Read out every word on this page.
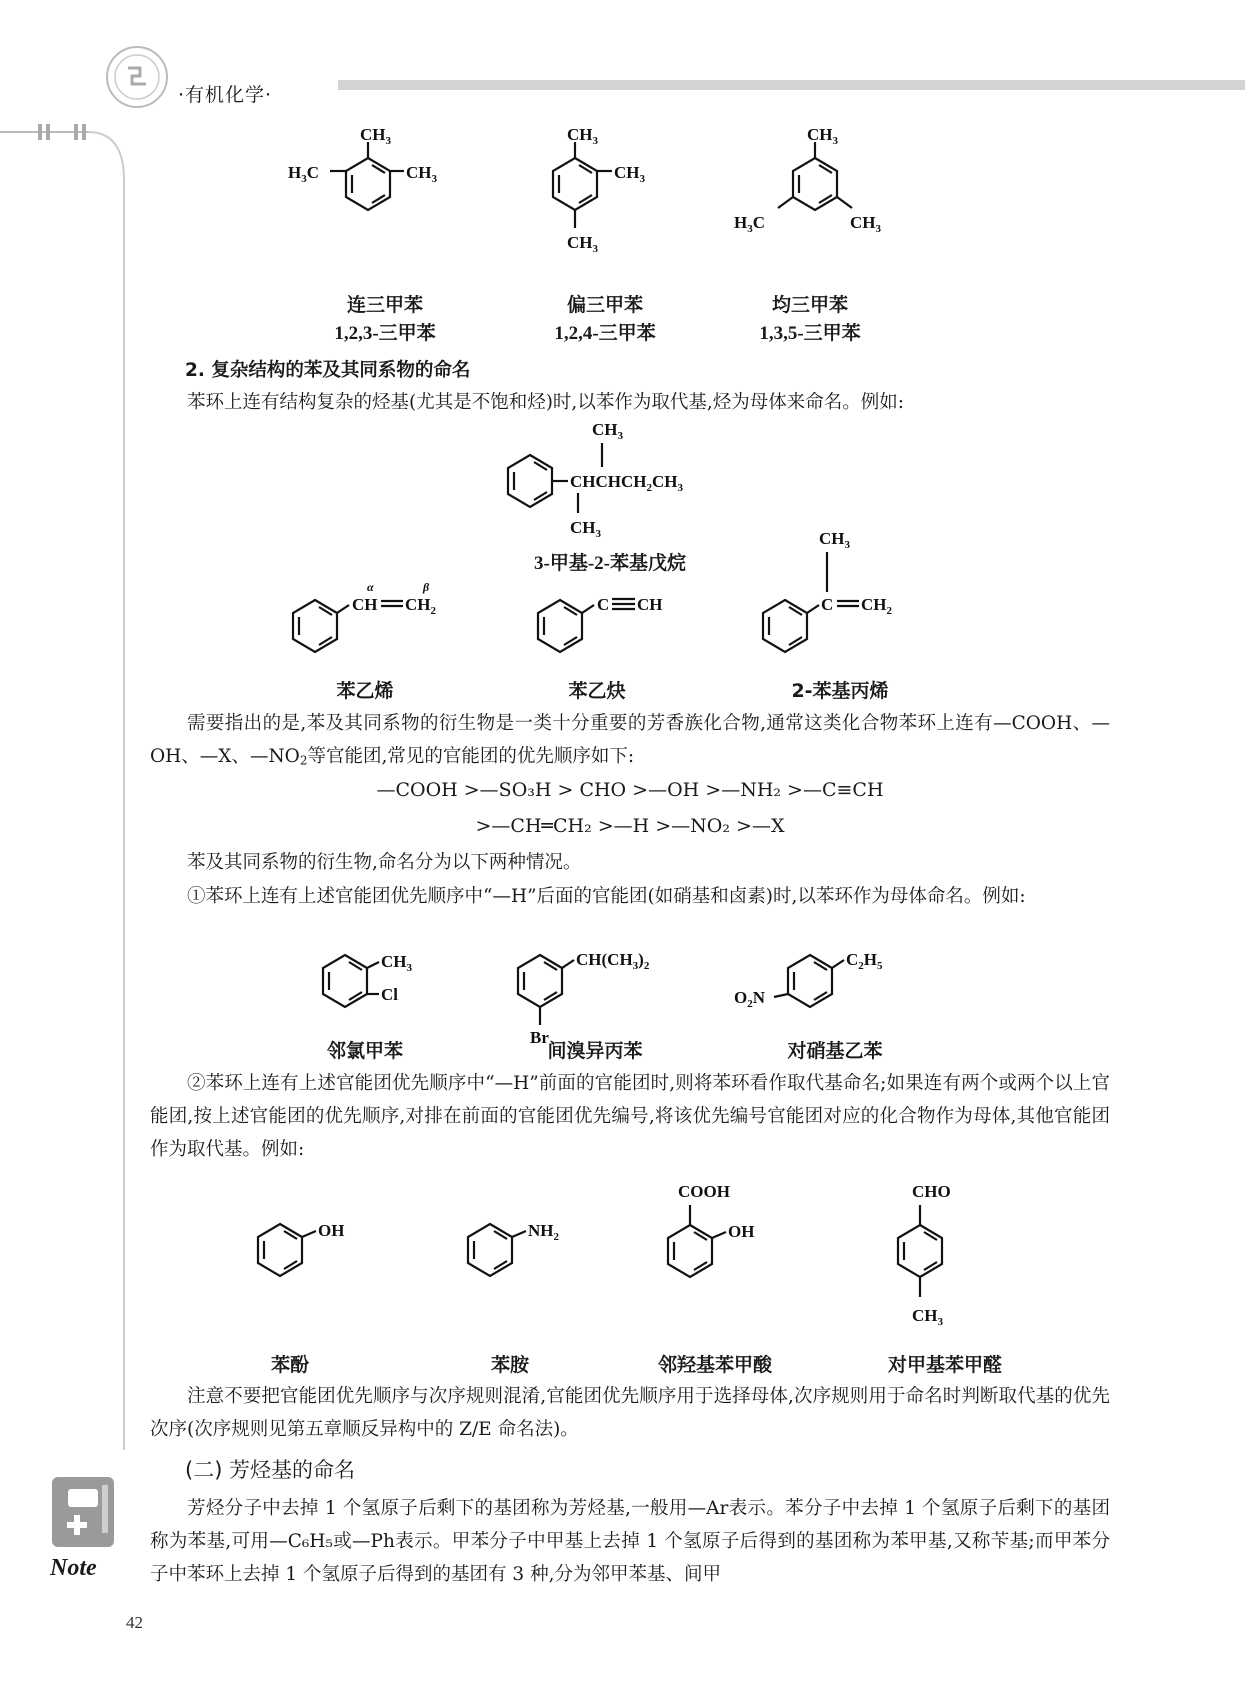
·有机化学·
$CH_3$
$CH_3$
$H_3C$
$CH_3$
$CH_3$
$CH_3$
$CH_3$
$CH_3$
$H_3C$
连三甲苯
1,2,3-三甲苯
偏三甲苯
1,2,4-三甲苯
均三甲苯
1,3,5-三甲苯
2. 复杂结构的苯及其同系物的命名
苯环上连有结构复杂的烃基(尤其是不饱和烃)时,以苯作为取代基,烃为母体来命名。例如:
$CHCHCH_2CH_3$
$CH_3$
$CH_3$
3-甲基-2-苯基戊烷
CH $CH_2$
α	β
C CH	C
$CH_3$
$CH_2$
苯乙烯	苯乙炔	2-苯基丙烯
需要指出的是,苯及其同系物的衍生物是一类十分重要的芳香族化合物,通常这类化合物苯环上连有—COOH、—OH、—X、$—NO_2$等官能团,常见的官能团的优先顺序如下:
—COOH >—SO₃H > CHO >—OH >—NH₂ >—C≡CH
>—CH═CH₂ >—H >—NO₂ >—X
苯及其同系物的衍生物,命名分为以下两种情况。
①苯环上连有上述官能团优先顺序中“—H”后面的官能团(如硝基和卤素)时,以苯环作为母体命名。例如:
$CH_3$
Cl
$CH(CH_3)_2$
Br
$C_2H_5$
$O_2N$
邻氯甲苯	间溴异丙苯	对硝基乙苯
②苯环上连有上述官能团优先顺序中“—H”前面的官能团时,则将苯环看作取代基命名;如果连有两个或两个以上官能团,按上述官能团的优先顺序,对排在前面的官能团优先编号,将该优先编号官能团对应的化合物作为母体,其他官能团作为取代基。例如:
OH	$NH_2$
COOH
OH
CHO
$CH_3$
苯酚	苯胺	邻羟基苯甲酸	对甲基苯甲醛
注意不要把官能团优先顺序与次序规则混淆,官能团优先顺序用于选择母体,次序规则用于命名时判断取代基的优先次序(次序规则见第五章顺反异构中的 Z/E 命名法)。
(二) 芳烃基的命名
芳烃分子中去掉 1 个氢原子后剩下的基团称为芳烃基,一般用—Ar表示。苯分子中去掉 1 个氢原子后剩下的基团称为苯基,可用—C₆H₅或—Ph表示。甲苯分子中甲基上去掉 1 个氢原子后得到的基团称为苯甲基,又称苄基;而甲苯分子中苯环上去掉 1 个氢原子后得到的基团有 3 种,分为邻甲苯基、间甲
Note
42
